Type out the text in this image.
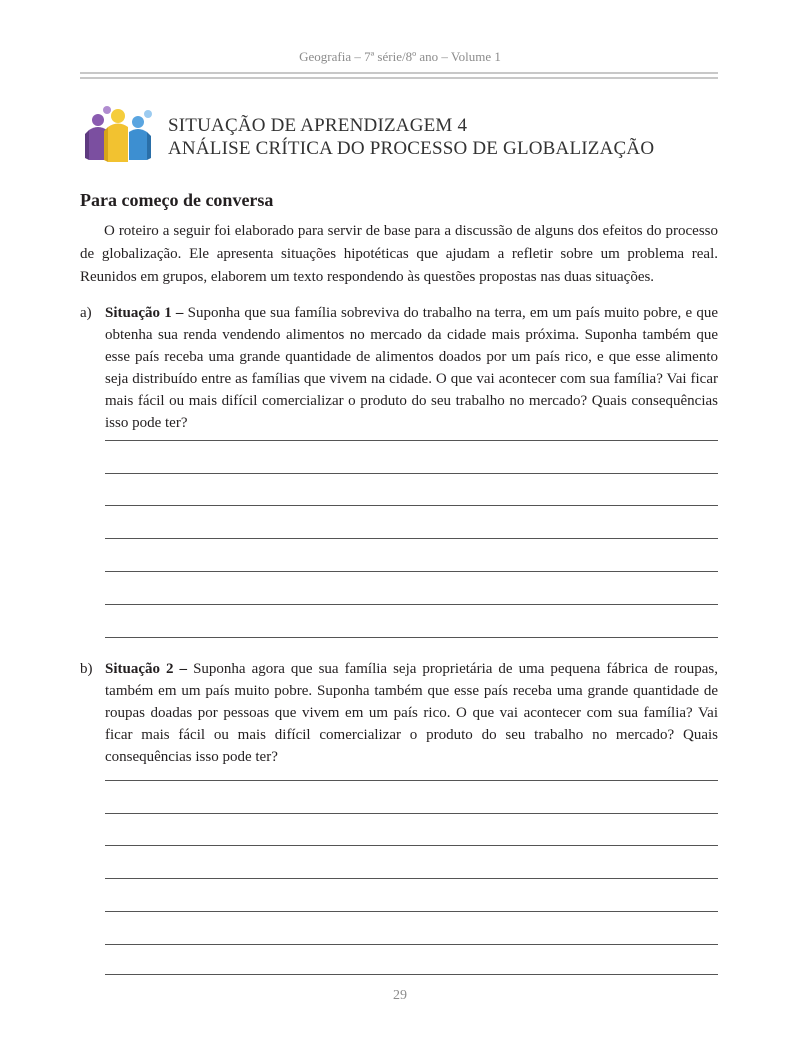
Geografia – 7ª série/8º ano – Volume 1
SITUAÇÃO DE APRENDIZAGEM 4
ANÁLISE CRÍTICA DO PROCESSO DE GLOBALIZAÇÃO
Para começo de conversa

O roteiro a seguir foi elaborado para servir de base para a discussão de alguns dos efeitos do processo de globalização. Ele apresenta situações hipotéticas que ajudam a refletir sobre um problema real. Reunidos em grupos, elaborem um texto respondendo às questões propostas nas duas situações.

a) Situação 1 – Suponha que sua família sobreviva do trabalho na terra, em um país muito pobre, e que obtenha sua renda vendendo alimentos no mercado da cidade mais próxima. Suponha também que esse país receba uma grande quantidade de alimentos doados por um país rico, e que esse alimento seja distribuído entre as famílias que vivem na cidade. O que vai acontecer com sua família? Vai ficar mais fácil ou mais difícil comercializar o produto do seu trabalho no mercado? Quais consequências isso pode ter?
b) Situação 2 – Suponha agora que sua família seja proprietária de uma pequena fábrica de roupas, também em um país muito pobre. Suponha também que esse país receba uma grande quantidade de roupas doadas por pessoas que vivem em um país rico. O que vai acontecer com sua família? Vai ficar mais fácil ou mais difícil comercializar o produto do seu trabalho no mercado? Quais consequências isso pode ter?
29
